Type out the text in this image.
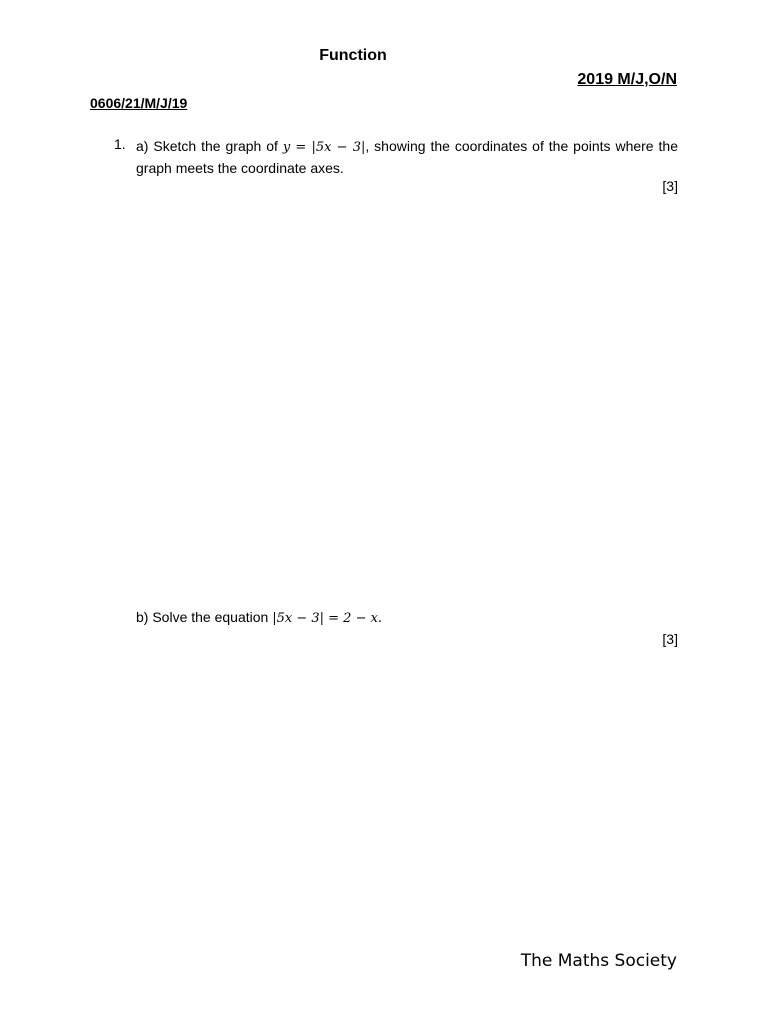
Function
2019 M/J,O/N
0606/21/M/J/19
1. a) Sketch the graph of y = |5x − 3|, showing the coordinates of the points where the graph meets the coordinate axes.
[3]
b) Solve the equation |5x − 3| = 2 − x.
[3]
The Maths Society
